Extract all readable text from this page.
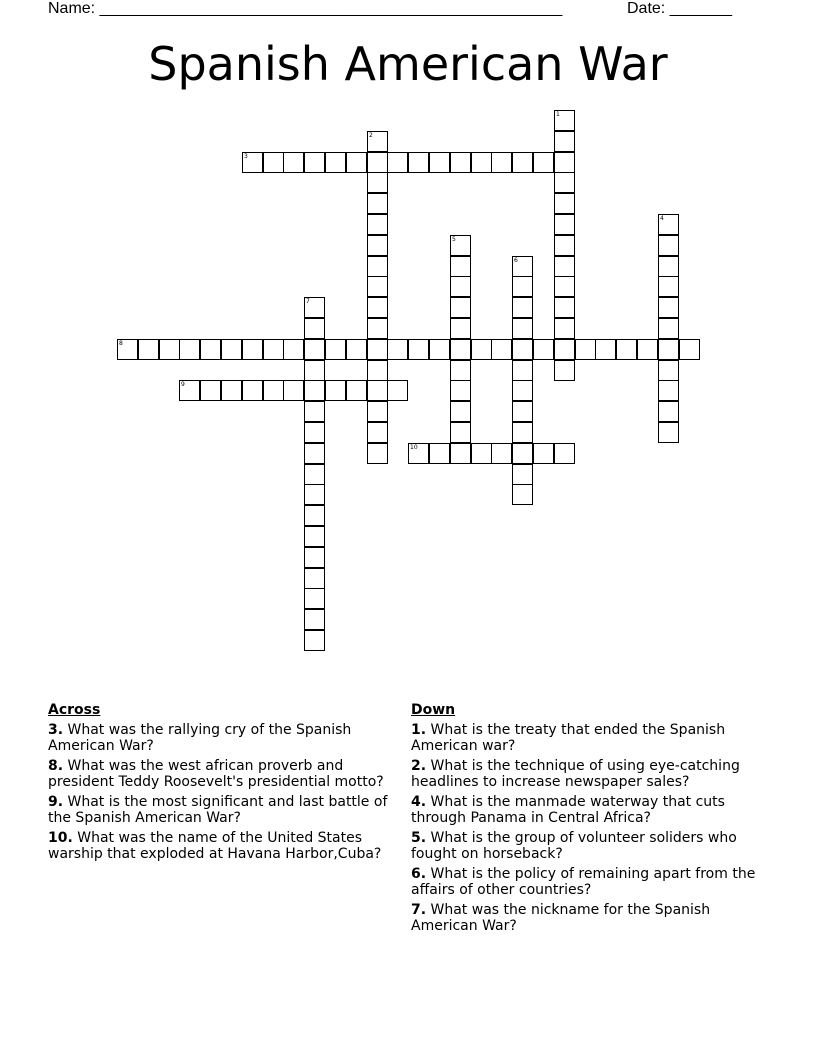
Name: ____________________________________________________	Date: _______
Spanish American War
1
2
3
4
5
6
7
8
9
10
Across
3. What was the rallying cry of the Spanish American War?
8. What was the west african proverb and president Teddy Roosevelt's presidential motto?
9. What is the most significant and last battle of the Spanish American War?
10. What was the name of the United States warship that exploded at Havana Harbor,Cuba?
Down
1. What is the treaty that ended the Spanish American war?
2. What is the technique of using eye-catching headlines to increase newspaper sales?
4. What is the manmade waterway that cuts through Panama in Central Africa?
5. What is the group of volunteer soliders who fought on horseback?
6. What is the policy of remaining apart from the affairs of other countries?
7. What was the nickname for the Spanish American War?
